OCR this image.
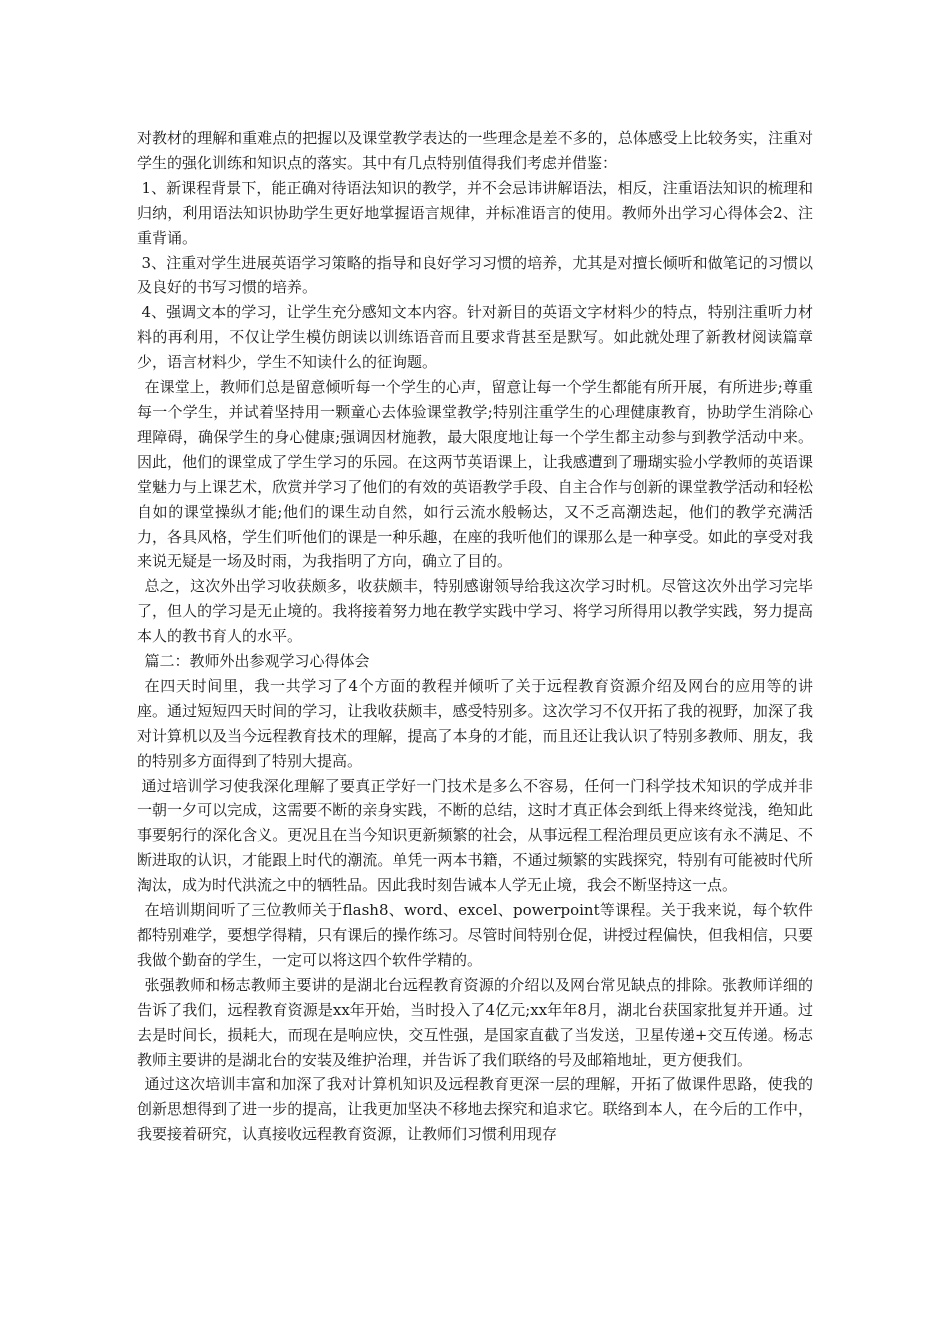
对教材的理解和重难点的把握以及课堂教学表达的一些理念是差不多的，总体感受上比较务实，注重对学生的强化训练和知识点的落实。其中有几点特别值得我们考虑并借鉴：

1、新课程背景下，能正确对待语法知识的教学，并不会忌讳讲解语法，相反，注重语法知识的梳理和归纳，利用语法知识协助学生更好地掌握语言规律，并标准语言的使用。教师外出学习心得体会2、注重背诵。

3、注重对学生进展英语学习策略的指导和良好学习习惯的培养，尤其是对擅长倾听和做笔记的习惯以及良好的书写习惯的培养。

4、强调文本的学习，让学生充分感知文本内容。针对新目的英语文字材料少的特点，特别注重听力材料的再利用，不仅让学生模仿朗读以训练语音而且要求背甚至是默写。如此就处理了新教材阅读篇章少，语言材料少，学生不知读什么的征询题。

在课堂上，教师们总是留意倾听每一个学生的心声，留意让每一个学生都能有所开展，有所进步;尊重每一个学生，并试着坚持用一颗童心去体验课堂教学;特别注重学生的心理健康教育，协助学生消除心理障碍，确保学生的身心健康;强调因材施教，最大限度地让每一个学生都主动参与到教学活动中来。因此，他们的课堂成了学生学习的乐园。在这两节英语课上，让我感遭到了珊瑚实验小学教师的英语课堂魅力与上课艺术，欣赏并学习了他们的有效的英语教学手段、自主合作与创新的课堂教学活动和轻松自如的课堂操纵才能;他们的课生动自然，如行云流水般畅达，又不乏高潮迭起，他们的教学充满活力，各具风格，学生们听他们的课是一种乐趣，在座的我听他们的课那么是一种享受。如此的享受对我来说无疑是一场及时雨，为我指明了方向，确立了目的。

总之，这次外出学习收获颇多，收获颇丰，特别感谢领导给我这次学习时机。尽管这次外出学习完毕了，但人的学习是无止境的。我将接着努力地在教学实践中学习、将学习所得用以教学实践，努力提高本人的教书育人的水平。

篇二：教师外出参观学习心得体会

在四天时间里，我一共学习了4个方面的教程并倾听了关于远程教育资源介绍及网台的应用等的讲座。通过短短四天时间的学习，让我收获颇丰，感受特别多。这次学习不仅开拓了我的视野，加深了我对计算机以及当今远程教育技术的理解，提高了本身的才能，而且还让我认识了特别多教师、朋友，我的特别多方面得到了特别大提高。

通过培训学习使我深化理解了要真正学好一门技术是多么不容易，任何一门科学技术知识的学成并非一朝一夕可以完成，这需要不断的亲身实践，不断的总结，这时才真正体会到纸上得来终觉浅，绝知此事要躬行的深化含义。更况且在当今知识更新频繁的社会，从事远程工程治理员更应该有永不满足、不断进取的认识，才能跟上时代的潮流。单凭一两本书籍，不通过频繁的实践探究，特别有可能被时代所淘汰，成为时代洪流之中的牺牲品。因此我时刻告诫本人学无止境，我会不断坚持这一点。

在培训期间听了三位教师关于flash8、word、excel、powerpoint等课程。关于我来说，每个软件都特别难学，要想学得精，只有课后的操作练习。尽管时间特别仓促，讲授过程偏快，但我相信，只要我做个勤奋的学生，一定可以将这四个软件学精的。

张强教师和杨志教师主要讲的是湖北台远程教育资源的介绍以及网台常见缺点的排除。张教师详细的告诉了我们，远程教育资源是xx年开始，当时投入了4亿元;xx年年8月，湖北台获国家批复并开通。过去是时间长，损耗大，而现在是响应快，交互性强，是国家直截了当发送，卫星传递+交互传递。杨志教师主要讲的是湖北台的安装及维护治理，并告诉了我们联络的号及邮箱地址，更方便我们。

通过这次培训丰富和加深了我对计算机知识及远程教育更深一层的理解，开拓了做课件思路，使我的创新思想得到了进一步的提高，让我更加坚决不移地去探究和追求它。联络到本人，在今后的工作中，我要接着研究，认真接收远程教育资源，让教师们习惯利用现存
